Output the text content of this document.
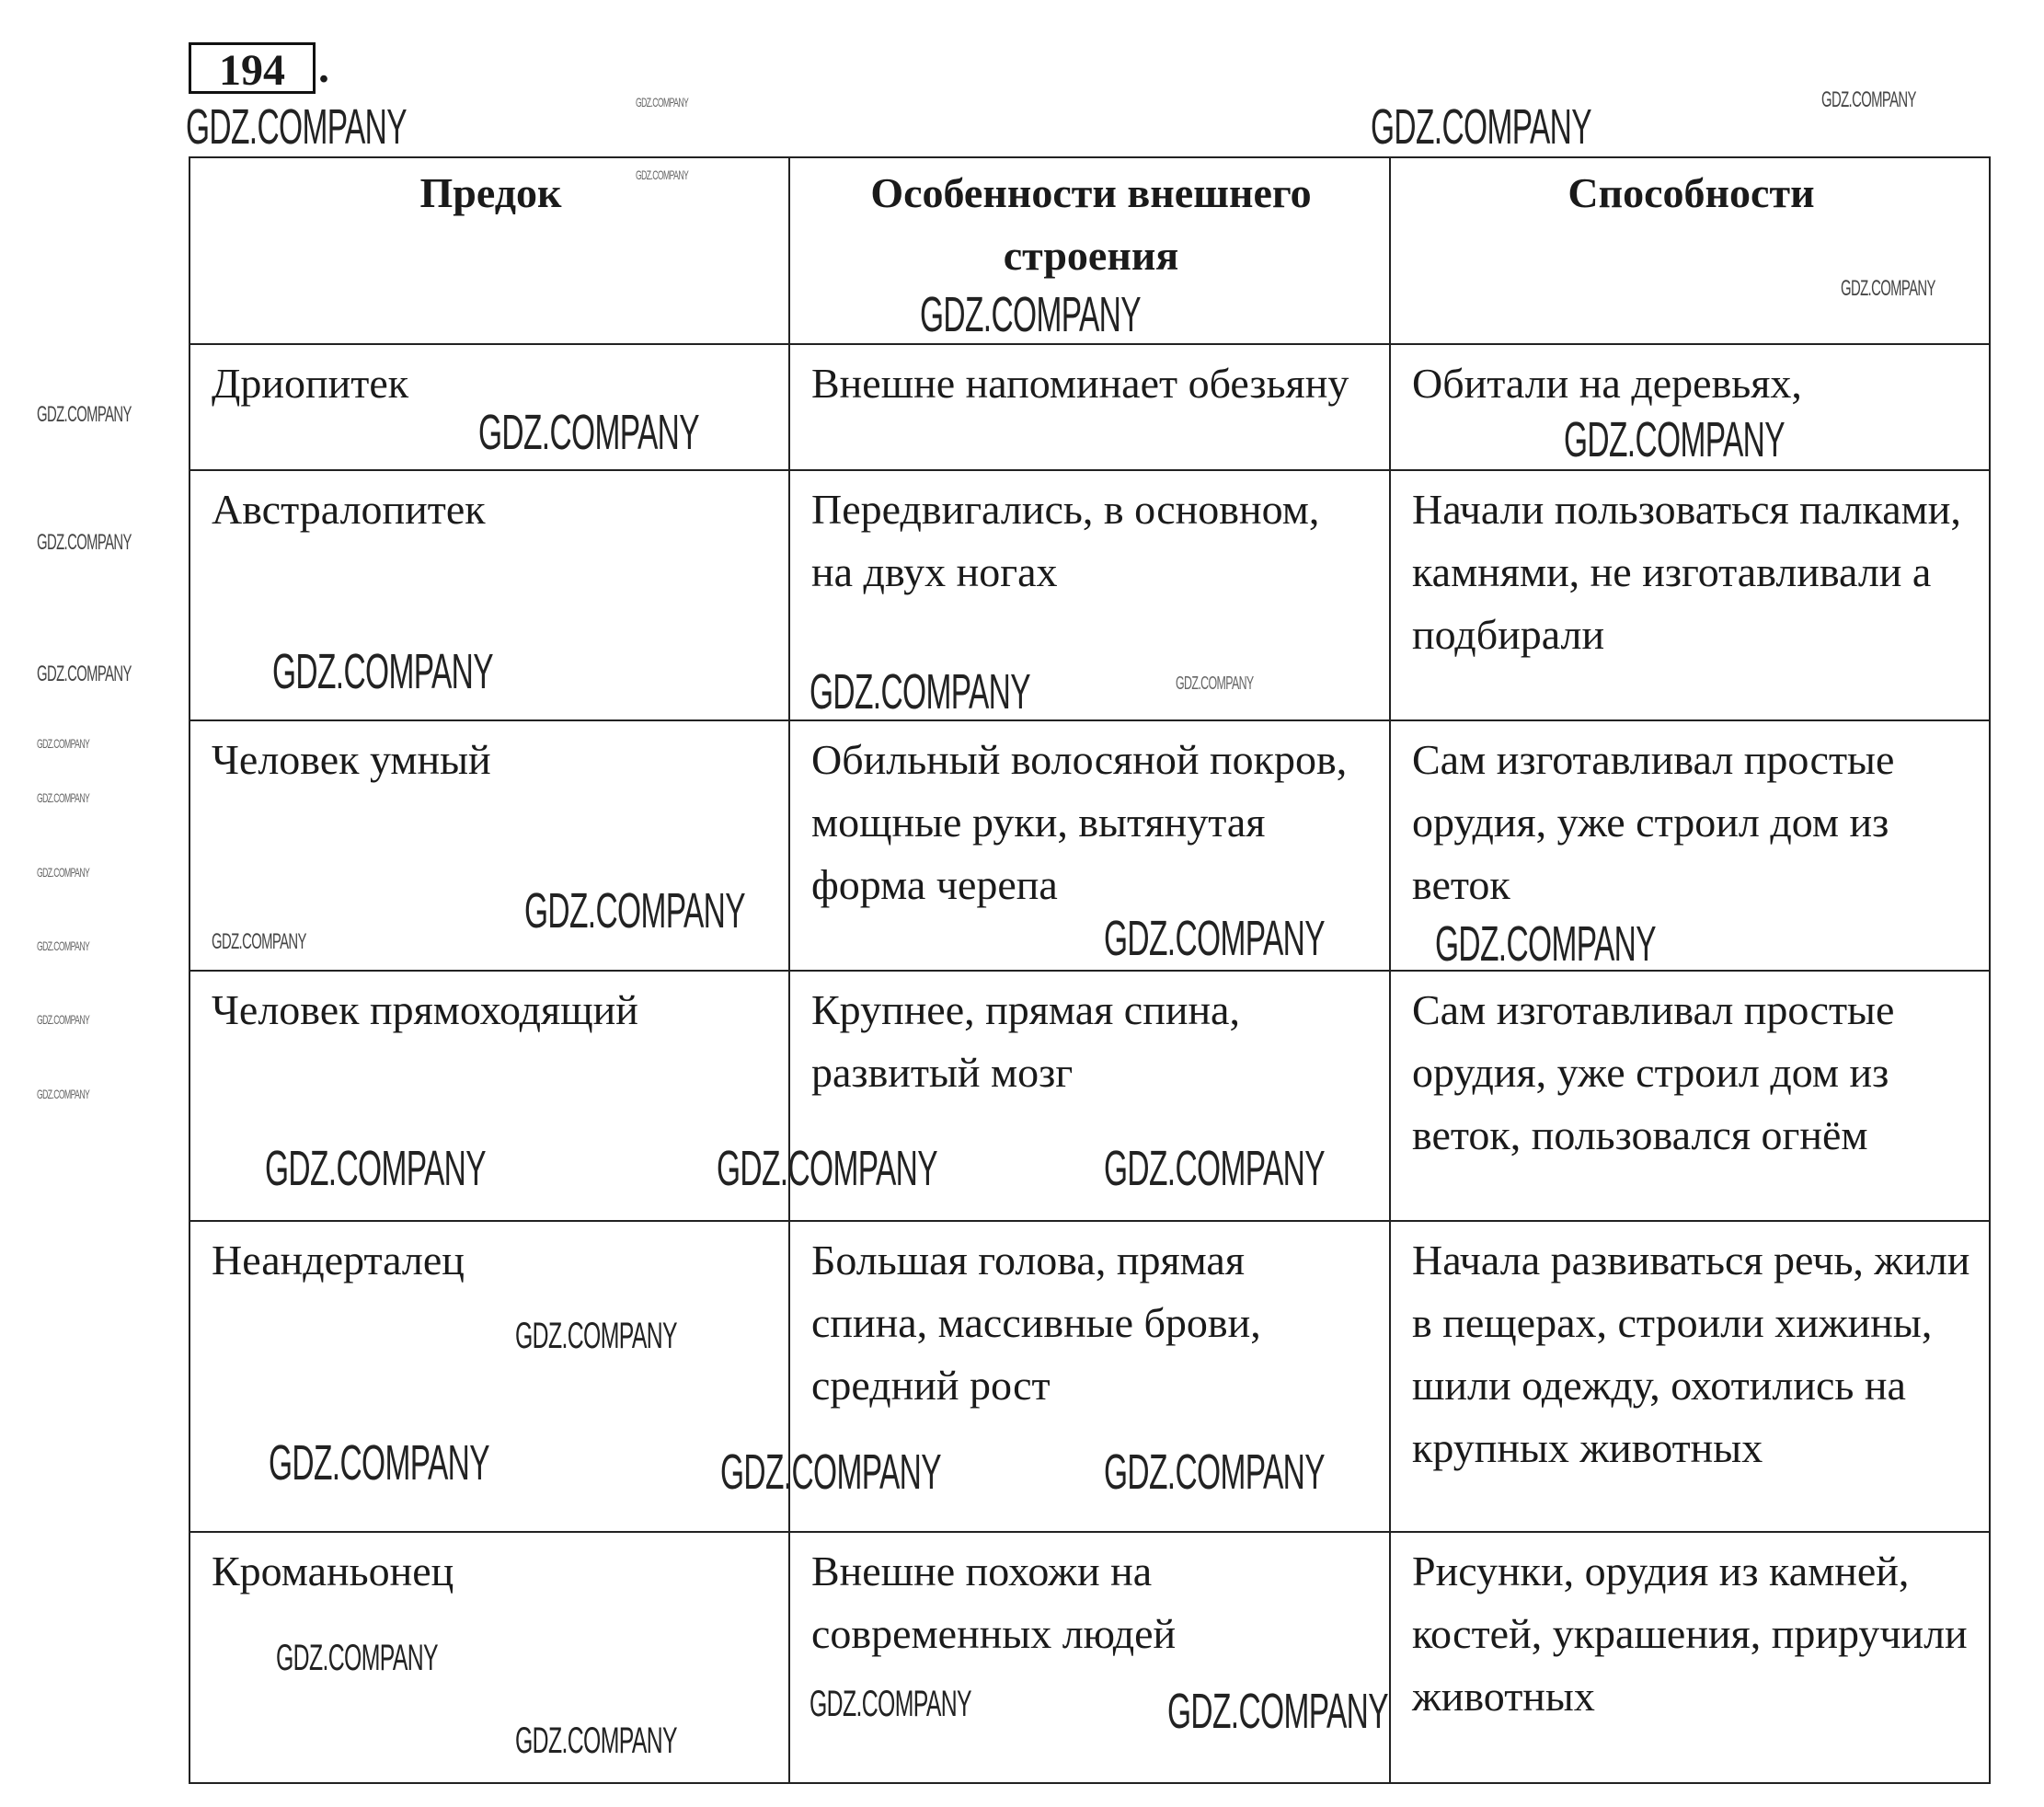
194 .
Предок	Особенности внешнего строения	Способности
Дриопитек	Внешне напоминает обезьяну	Обитали на деревьях,
Австралопитек	Передвигались, в основном, на двух ногах	Начали пользоваться палками, камнями, не изготавливали а подбирали
Человек умный	Обильный волосяной покров, мощные руки, вытянутая форма черепа	Сам изготавливал простые орудия, уже строил дом из веток
Человек прямоходящий	Крупнее, прямая спина, развитый мозг	Сам изготавливал простые орудия, уже строил дом из веток, пользовался огнём
Неандерталец	Большая голова, прямая спина, массивные брови, средний рост	Начала развиваться речь, жили в пещерах, строили хижины, шили одежду, охотились на крупных животных
Кроманьонец	Внешне похожи на современных людей	Рисунки, орудия из камней, костей, украшения, приручили животных
GDZ.COMPANY	GDZ.COMPANY
GDZ.COMPANY
GDZ.COMPANY	GDZ.COMPANY
GDZ.COMPANY	GDZ.COMPANY
GDZ.COMPANY	GDZ.COMPANY GDZ.COMPANY
GDZ.COMPANY	GDZ.COMPANY	GDZ.COMPANY
GDZ.COMPANY
GDZ.COMPANY	GDZ.COMPANY
GDZ.COMPANY
GDZ.COMPANY
GDZ.COMPANY
GDZ.COMPANY
GDZ.COMPANY
GDZ.COMPANY
GDZ.COMPANY
GDZ.COMPANY
GDZ.COMPANY
GDZ.COMPANY
GDZ.COMPANY
GDZ.COMPANY
GDZ.COMPANY
GDZ.COMPANY
GDZ.COMPANY
GDZ.COMPANY
GDZ.COMPANY
GDZ.COMPANY
GDZ.COMPANY
GDZ.COMPANY
